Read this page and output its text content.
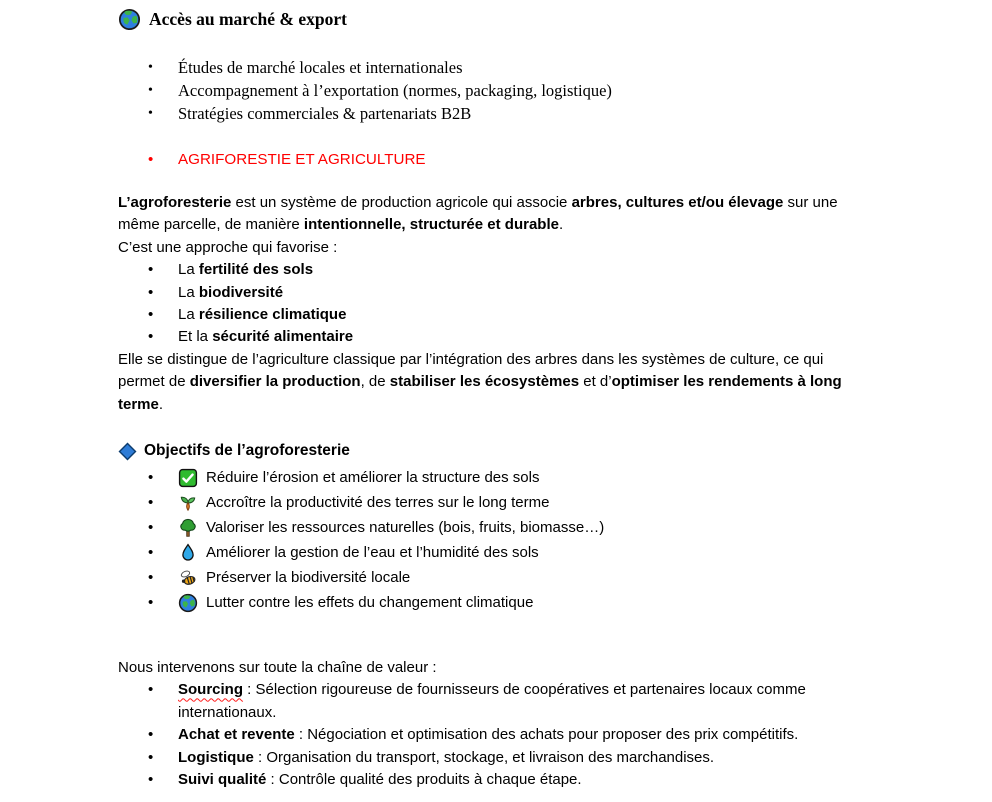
Accès au marché & export
•	Études de marché locales et internationales
•	Accompagnement à l’exportation (normes, packaging, logistique)
•	Stratégies commerciales & partenariats B2B
•	AGRIFORESTIE ET AGRICULTURE

L’agroforesterie est un système de production agricole qui associe arbres, cultures et/ou élevage sur une même parcelle, de manière intentionnelle, structurée et durable.

C’est une approche qui favorise :

•	La fertilité des sols
•	La biodiversité
•	La résilience climatique
•	Et la sécurité alimentaire

Elle se distingue de l’agriculture classique par l’intégration des arbres dans les systèmes de culture, ce qui permet de diversifier la production, de stabiliser les écosystèmes et d’optimiser les rendements à long terme.

Objectifs de l’agroforesterie
•	Réduire l’érosion et améliorer la structure des sols
•	Accroître la productivité des terres sur le long terme
•	Valoriser les ressources naturelles (bois, fruits, biomasse…)
•	Améliorer la gestion de l’eau et l’humidité des sols
•	Préserver la biodiversité locale
•	Lutter contre les effets du changement climatique

Nous intervenons sur toute la chaîne de valeur :

•	Sourcing : Sélection rigoureuse de fournisseurs de coopératives et partenaires locaux comme internationaux.
•	Achat et revente : Négociation et optimisation des achats pour proposer des prix compétitifs.
•	Logistique : Organisation du transport, stockage, et livraison des marchandises.
•	Suivi qualité : Contrôle qualité des produits à chaque étape.
